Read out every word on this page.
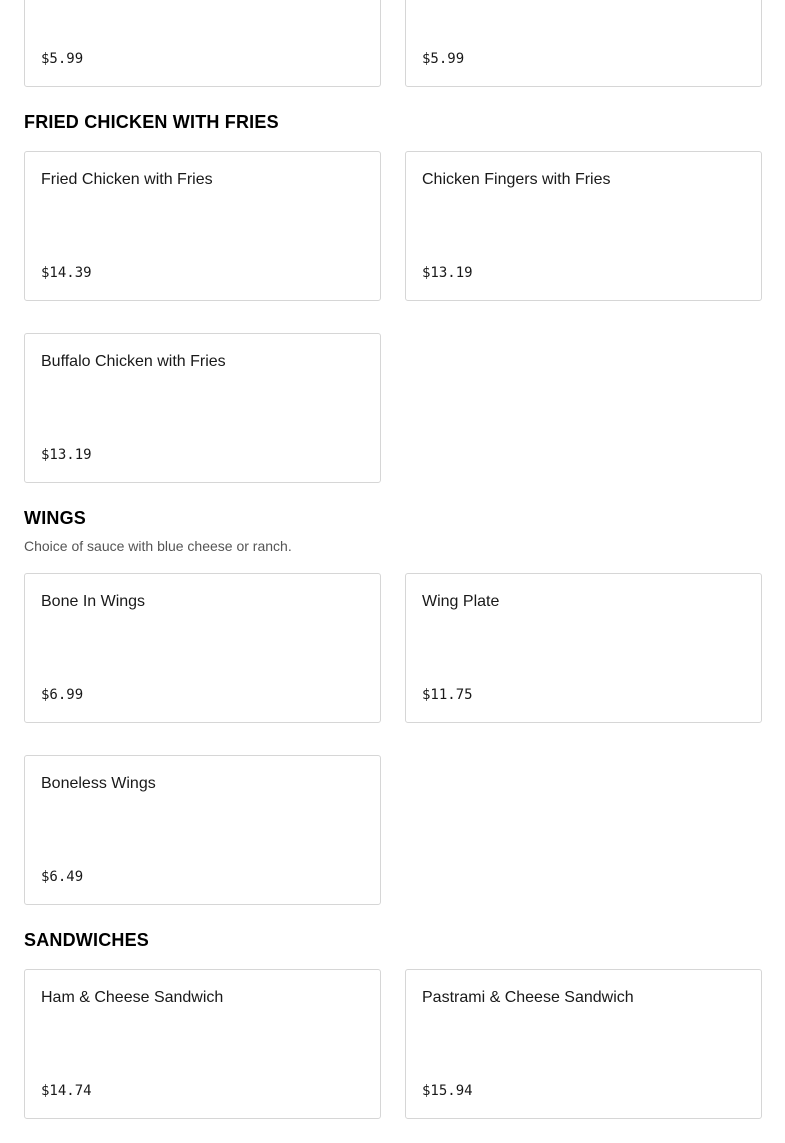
$5.99	$5.99
FRIED CHICKEN WITH FRIES
Fried Chicken with Fries
$14.39
Chicken Fingers with Fries
$13.19
Buffalo Chicken with Fries
$13.19
WINGS

Choice of sauce with blue cheese or ranch.

Bone In Wings
$6.99
Wing Plate
$11.75
Boneless Wings
$6.49
SANDWICHES
Ham & Cheese Sandwich
$14.74
Pastrami & Cheese Sandwich
$15.94
